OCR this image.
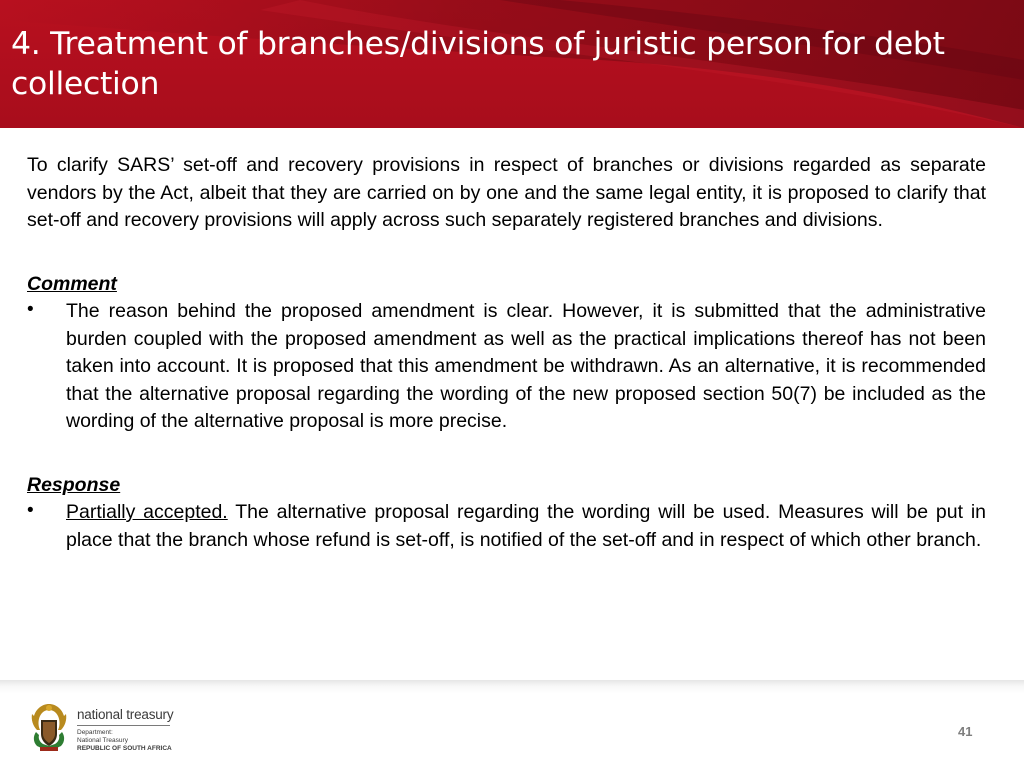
4. Treatment of branches/divisions of juristic person for debt collection

To clarify SARS’ set-off and recovery provisions in respect of branches or divisions regarded as separate vendors by the Act, albeit that they are carried on by one and the same legal entity, it is proposed to clarify that set-off and recovery provisions will apply across such separately registered branches and divisions.

Comment

• The reason behind the proposed amendment is clear. However, it is submitted that the administrative burden coupled with the proposed amendment as well as the practical implications thereof has not been taken into account. It is proposed that this amendment be withdrawn. As an alternative, it is recommended that the alternative proposal regarding the wording of the new proposed section 50(7) be included as the wording of the alternative proposal is more precise.

Response

• Partially accepted. The alternative proposal regarding the wording will be used. Measures will be put in place that the branch whose refund is set-off, is notified of the set-off and in respect of which other branch.

national treasury
Department:
National Treasury
REPUBLIC OF SOUTH AFRICA
41
